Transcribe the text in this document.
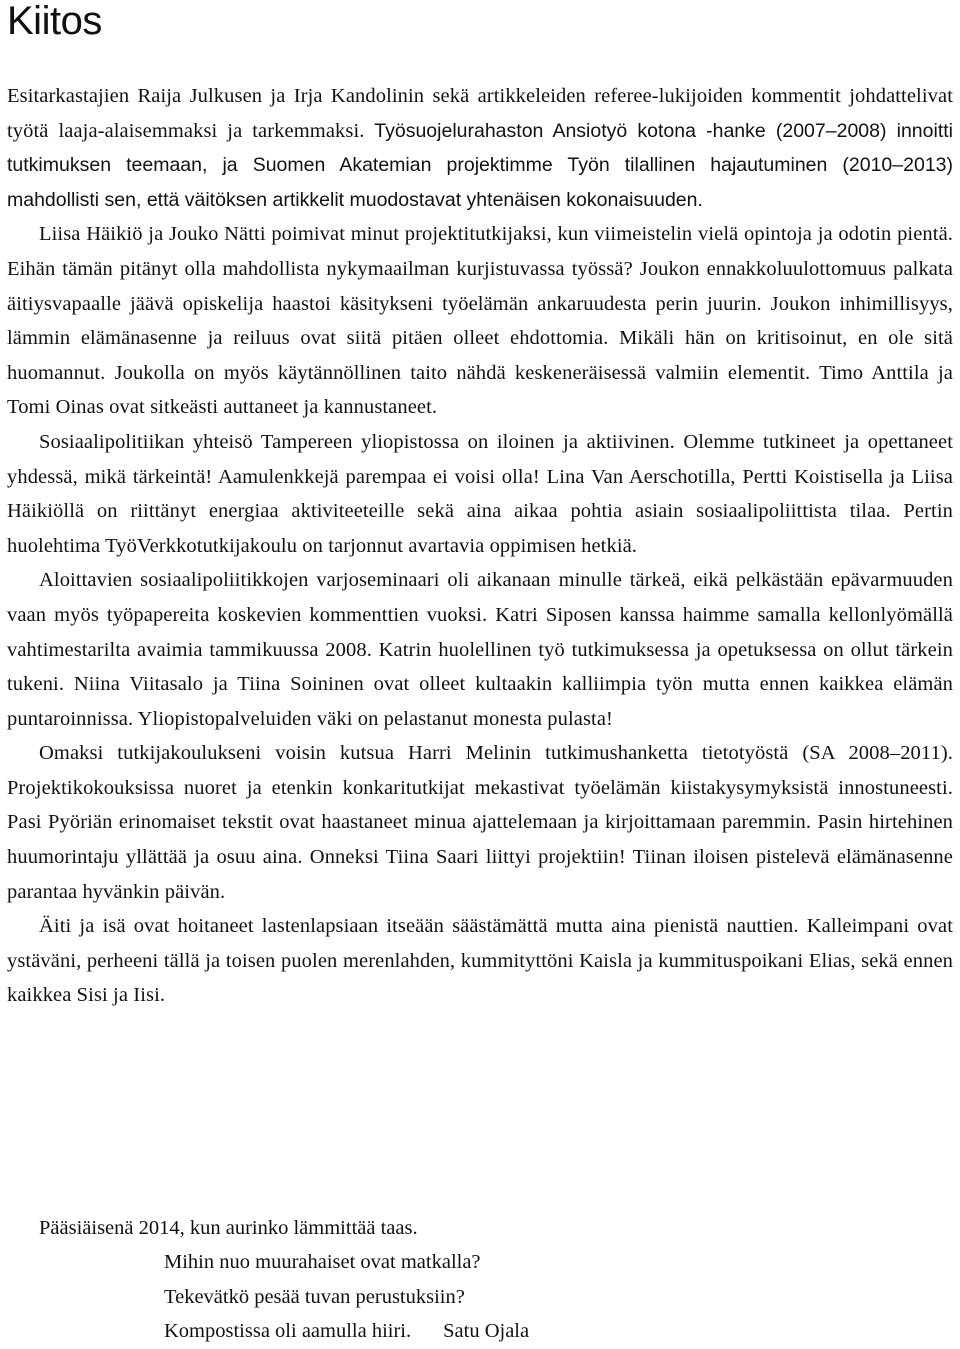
Kiitos

Esitarkastajien Raija Julkusen ja Irja Kandolinin sekä artikkeleiden referee-lukijoiden kommentit johdattelivat työtä laaja-alaisemmaksi ja tarkemmaksi. Työsuojelurahaston Ansiotyö kotona -hanke (2007–2008) innoitti tutkimuksen teemaan, ja Suomen Akatemian projektimme Työn tilallinen hajautuminen (2010–2013) mahdollisti sen, että väitöksen artikkelit muodostavat yhtenäisen kokonaisuuden.

Liisa Häikiö ja Jouko Nätti poimivat minut projektitutkijaksi, kun viimeistelin vielä opintoja ja odotin pientä. Eihän tämän pitänyt olla mahdollista nykymaailman kurjistuvassa työssä? Joukon ennakkoluulottomuus palkata äitiysvapaalle jäävä opiskelija haastoi käsitykseni työelämän ankaruudesta perin juurin. Joukon inhimillisyys, lämmin elämänasenne ja reiluus ovat siitä pitäen olleet ehdottomia. Mikäli hän on kritisoinut, en ole sitä huomannut. Joukolla on myös käytännöllinen taito nähdä keskeneräisessä valmiin elementit. Timo Anttila ja Tomi Oinas ovat sitkeästi auttaneet ja kannustaneet.

Sosiaalipolitiikan yhteisö Tampereen yliopistossa on iloinen ja aktiivinen. Olemme tutkineet ja opettaneet yhdessä, mikä tärkeintä! Aamulenkkejä parempaa ei voisi olla! Lina Van Aerschotilla, Pertti Koistisella ja Liisa Häikiöllä on riittänyt energiaa aktiviteeteille sekä aina aikaa pohtia asiain sosiaalipoliittista tilaa. Pertin huolehtima TyöVerkkotutkijakoulu on tarjonnut avartavia oppimisen hetkiä.

Aloittavien sosiaalipoliitikkojen varjoseminaari oli aikanaan minulle tärkeä, eikä pelkästään epävarmuuden vaan myös työpapereita koskevien kommenttien vuoksi. Katri Siposen kanssa haimme samalla kellonlyömällä vahtimestarilta avaimia tammikuussa 2008. Katrin huolellinen työ tutkimuksessa ja opetuksessa on ollut tärkein tukeni. Niina Viitasalo ja Tiina Soininen ovat olleet kultaakin kalliimpia työn mutta ennen kaikkea elämän puntaroinnissa. Yliopistopalveluiden väki on pelastanut monesta pulasta!

Omaksi tutkijakoulukseni voisin kutsua Harri Melinin tutkimushanketta tietotyöstä (SA 2008–2011). Projektikokouksissa nuoret ja etenkin konkaritutkijat mekastivat työelämän kiistakysymyksistä innostuneesti. Pasi Pyöriän erinomaiset tekstit ovat haastaneet minua ajattelemaan ja kirjoittamaan paremmin. Pasin hirtehinen huumorintaju yllättää ja osuu aina. Onneksi Tiina Saari liittyi projektiin! Tiinan iloisen pistelevä elämänasenne parantaa hyvänkin päivän.

Äiti ja isä ovat hoitaneet lastenlapsiaan itseään säästämättä mutta aina pienistä nauttien. Kalleimpani ovat ystäväni, perheeni tällä ja toisen puolen merenlahden, kummityttöni Kaisla ja kummituspoikani Elias, sekä ennen kaikkea Sisi ja Iisi.

Pääsiäisenä 2014, kun aurinko lämmittää taas.
Mihin nuo muurahaiset ovat matkalla?
Tekevätkö pesää tuvan perustuksiin?
Kompostissa oli aamulla hiiri. Satu Ojala
